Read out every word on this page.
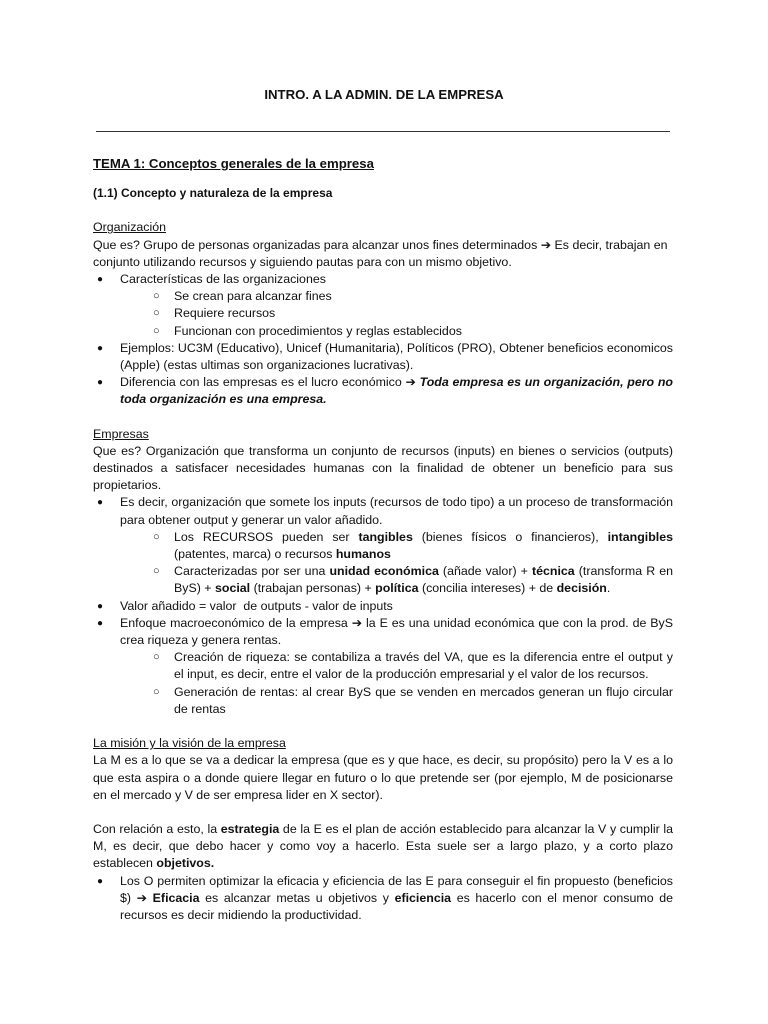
INTRO. A LA ADMIN. DE LA EMPRESA

TEMA 1: Conceptos generales de la empresa

(1.1) Concepto y naturaleza de la empresa

Organización

Que es? Grupo de personas organizadas para alcanzar unos fines determinados ➔ Es decir, trabajan en conjunto utilizando recursos y siguiendo pautas para con un mismo objetivo.

● Características de las organizaciones
○ Se crean para alcanzar fines
○ Requiere recursos
○ Funcionan con procedimientos y reglas establecidos
● Ejemplos: UC3M (Educativo), Unicef (Humanitaria), Políticos (PRO), Obtener beneficios economicos (Apple) (estas ultimas son organizaciones lucrativas).
● Diferencia con las empresas es el lucro económico ➔ Toda empresa es un organización, pero no toda organización es una empresa.

Empresas

Que es? Organización que transforma un conjunto de recursos (inputs) en bienes o servicios (outputs) destinados a satisfacer necesidades humanas con la finalidad de obtener un beneficio para sus propietarios.

● Es decir, organización que somete los inputs (recursos de todo tipo) a un proceso de transformación para obtener output y generar un valor añadido.
○ Los RECURSOS pueden ser tangibles (bienes físicos o financieros), intangibles (patentes, marca) o recursos humanos
○ Caracterizadas por ser una unidad económica (añade valor) + técnica (transforma R en ByS) + social (trabajan personas) + política (concilia intereses) + de decisión.
● Valor añadido = valor  de outputs - valor de inputs
● Enfoque macroeconómico de la empresa ➔ la E es una unidad económica que con la prod. de ByS crea riqueza y genera rentas.
○ Creación de riqueza: se contabiliza a través del VA, que es la diferencia entre el output y el input, es decir, entre el valor de la producción empresarial y el valor de los recursos.
○ Generación de rentas: al crear ByS que se venden en mercados generan un flujo circular de rentas

La misión y la visión de la empresa

La M es a lo que se va a dedicar la empresa (que es y que hace, es decir, su propósito) pero la V es a lo que esta aspira o a donde quiere llegar en futuro o lo que pretende ser (por ejemplo, M de posicionarse en el mercado y V de ser empresa lider en X sector).

Con relación a esto, la estrategia de la E es el plan de acción establecido para alcanzar la V y cumplir la M, es decir, que debo hacer y como voy a hacerlo. Esta suele ser a largo plazo, y a corto plazo establecen objetivos.

● Los O permiten optimizar la eficacia y eficiencia de las E para conseguir el fin propuesto (beneficios $) ➔ Eficacia es alcanzar metas u objetivos y eficiencia es hacerlo con el menor consumo de recursos es decir midiendo la productividad.
